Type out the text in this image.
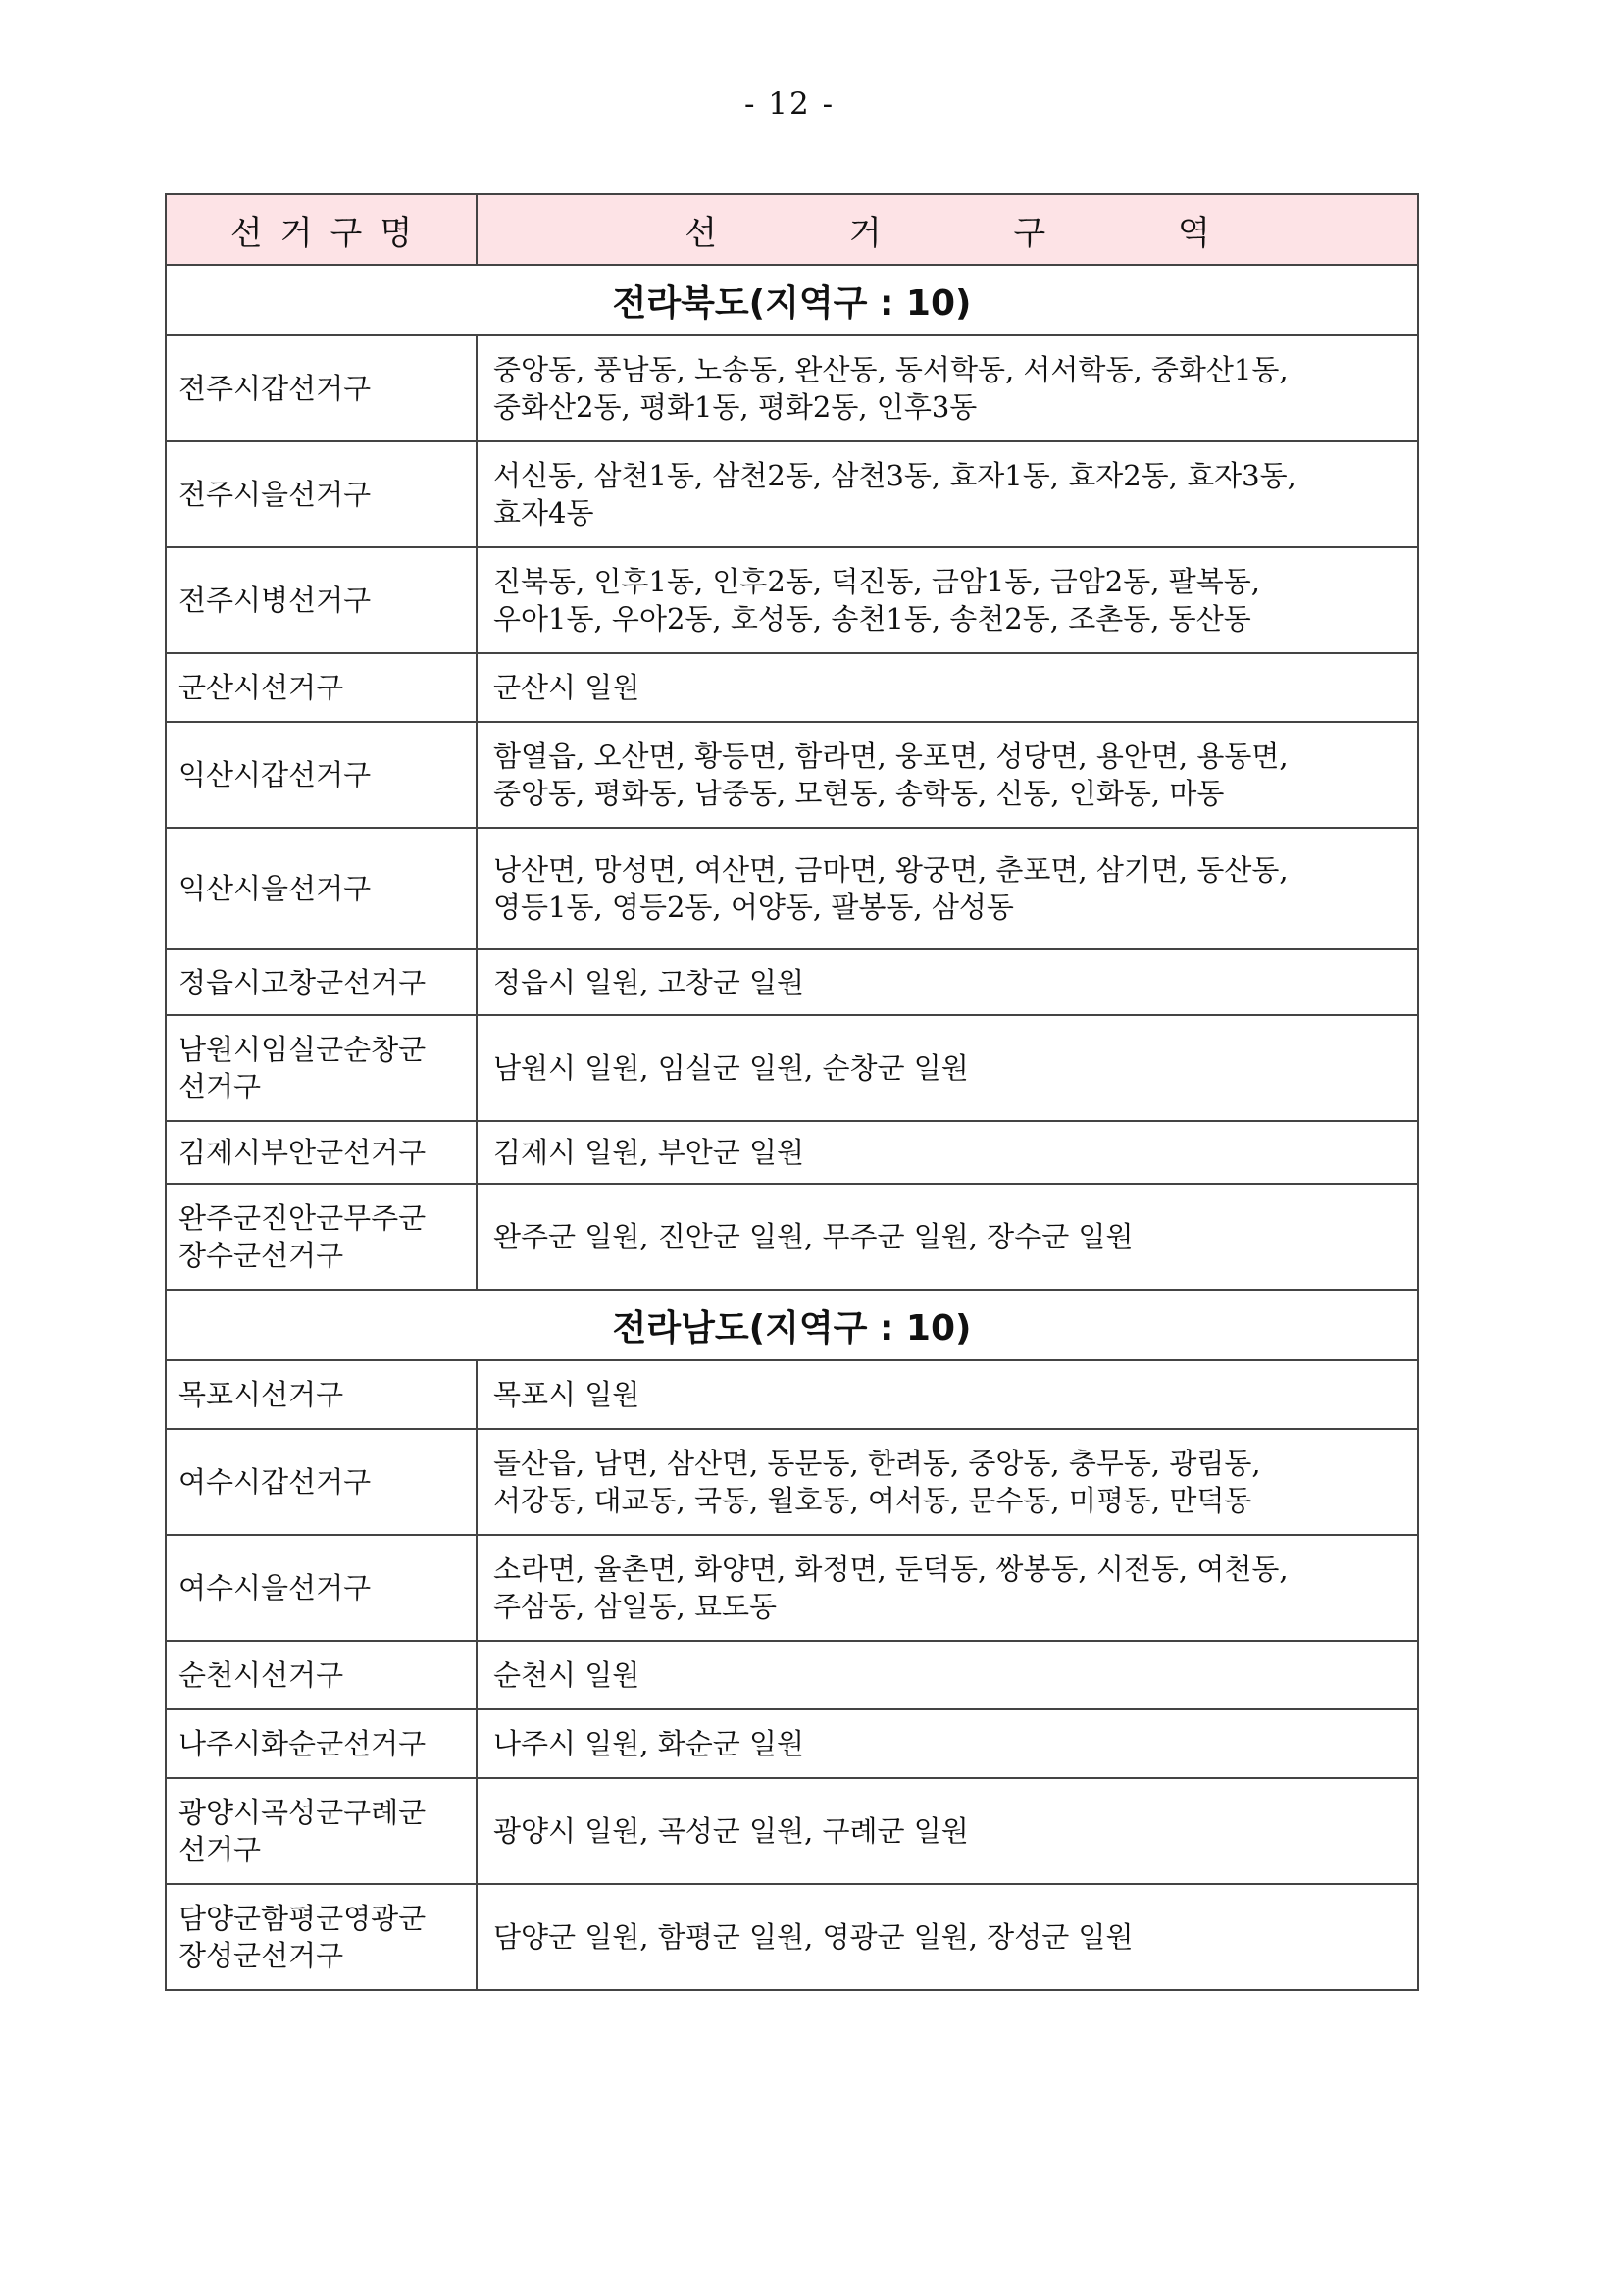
- 12 -
선거구명	선 거 구 역
전라북도(지역구 : 10)	

전주시갑선거구	중앙동, 풍남동, 노송동, 완산동, 동서학동, 서서학동, 중화산1동,
중화산2동, 평화1동, 평화2동, 인후3동

전주시을선거구	서신동, 삼천1동, 삼천2동, 삼천3동, 효자1동, 효자2동, 효자3동,
효자4동

전주시병선거구	진북동, 인후1동, 인후2동, 덕진동, 금암1동, 금암2동, 팔복동,
우아1동, 우아2동, 호성동, 송천1동, 송천2동, 조촌동, 동산동

군산시선거구	군산시 일원

익산시갑선거구	함열읍, 오산면, 황등면, 함라면, 웅포면, 성당면, 용안면, 용동면,
중앙동, 평화동, 남중동, 모현동, 송학동, 신동, 인화동, 마동

익산시을선거구	낭산면, 망성면, 여산면, 금마면, 왕궁면, 춘포면, 삼기면, 동산동,
영등1동, 영등2동, 어양동, 팔봉동, 삼성동

정읍시고창군선거구	정읍시 일원, 고창군 일원

남원시임실군순창군
선거구	남원시 일원, 임실군 일원, 순창군 일원

김제시부안군선거구	김제시 일원, 부안군 일원

완주군진안군무주군
장수군선거구	완주군 일원, 진안군 일원, 무주군 일원, 장수군 일원
전라남도(지역구 : 10)	

목포시선거구	목포시 일원

여수시갑선거구	돌산읍, 남면, 삼산면, 동문동, 한려동, 중앙동, 충무동, 광림동,
서강동, 대교동, 국동, 월호동, 여서동, 문수동, 미평동, 만덕동

여수시을선거구	소라면, 율촌면, 화양면, 화정면, 둔덕동, 쌍봉동, 시전동, 여천동,
주삼동, 삼일동, 묘도동

순천시선거구	순천시 일원

나주시화순군선거구	나주시 일원, 화순군 일원

광양시곡성군구례군
선거구	광양시 일원, 곡성군 일원, 구례군 일원

담양군함평군영광군
장성군선거구	담양군 일원, 함평군 일원, 영광군 일원, 장성군 일원
